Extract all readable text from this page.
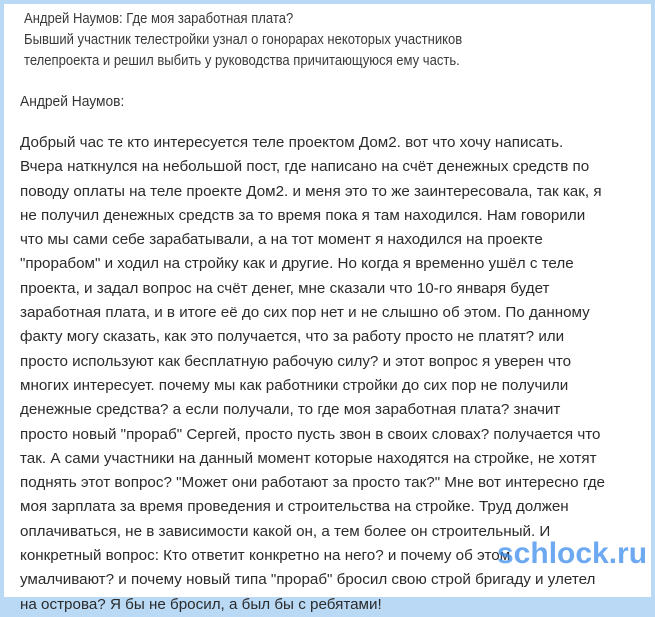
Андрей Наумов: Где моя заработная плата?
Бывший участник телестройки узнал о гонорарах некоторых участников
телепроекта и решил выбить у руководства причитающуюся ему часть.
Андрей Наумов:
Добрый час те кто интересуется теле проектом Дом2. вот что хочу написать.
Вчера наткнулся на небольшой пост, где написано на счёт денежных средств по
поводу оплаты на теле проекте Дом2. и меня это то же заинтересовала, так как, я
не получил денежных средств за то время пока я там находился. Нам говорили
что мы сами себе зарабатывали, а на тот момент я находился на проекте
"прорабом" и ходил на стройку как и другие. Но когда я временно ушёл с теле
проекта, и задал вопрос на счёт денег, мне сказали что 10-го января будет
заработная плата, и в итоге её до сих пор нет и не слышно об этом. По данному
факту могу сказать, как это получается, что за работу просто не платят? или
просто используют как бесплатную рабочую силу? и этот вопрос я уверен что
многих интересует. почему мы как работники стройки до сих пор не получили
денежные средства? а если получали, то где моя заработная плата? значит
просто новый "прораб" Сергей, просто пусть звон в своих словах? получается что
так. А сами участники на данный момент которые находятся на стройке, не хотят
поднять этот вопрос? "Может они работают за просто так?" Мне вот интересно где
моя зарплата за время проведения и строительства на стройке. Труд должен
оплачиваться, не в зависимости какой он, а тем более он строительный. И
конкретный вопрос: Кто ответит конкретно на него? и почему об этом
умалчивают? и почему новый типа "прораб" бросил свою строй бригаду и улетел
на острова? Я бы не бросил, а был бы с ребятами!
schlock.ru
